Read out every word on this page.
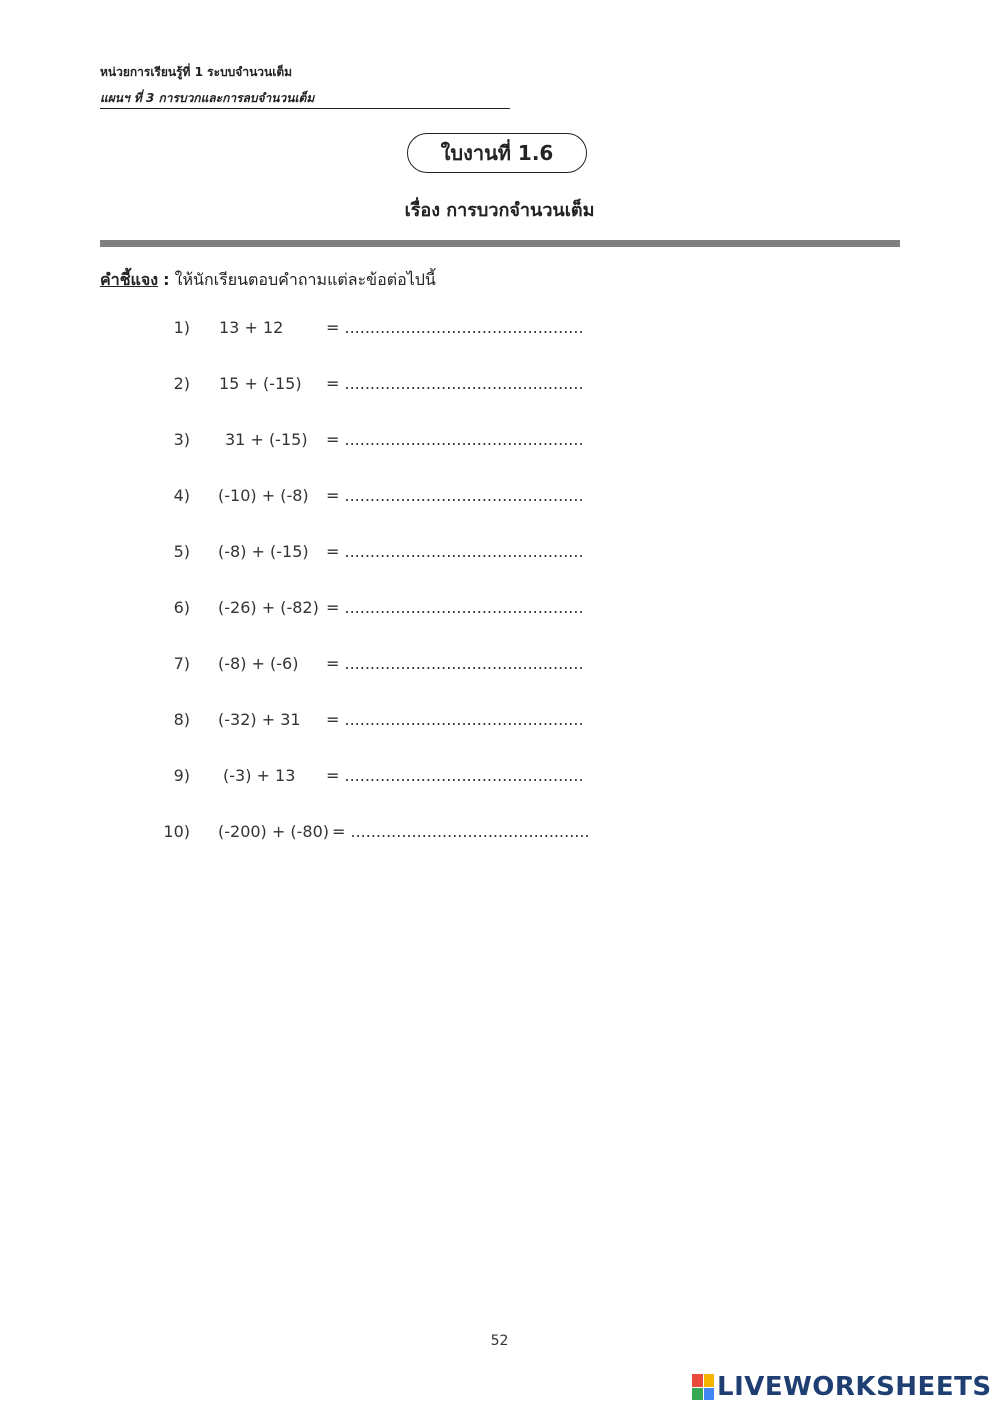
หน่วยการเรียนรู้ที่ 1 ระบบจำนวนเต็ม
แผนฯ ที่ 3 การบวกและการลบจำนวนเต็ม
ใบงานที่ 1.6
เรื่อง การบวกจำนวนเต็ม
คำชี้แจง : ให้นักเรียนตอบคำถามแต่ละข้อต่อไปนี้
1) 13 + 12	= ...............................................
2) 15 + (-15) = ...............................................
3) 31 + (-15) = ...............................................
4) (-10) + (-8) = ...............................................
5) (-8) + (-15) = ...............................................
6) (-26) + (-82) = ...............................................
7) (-8) + (-6) = ...............................................
8) (-32) + 31 = ...............................................
9) (-3) + 13 = ...............................................
10) (-200) + (-80) = ...............................................
52
LIVEWORKSHEETS
